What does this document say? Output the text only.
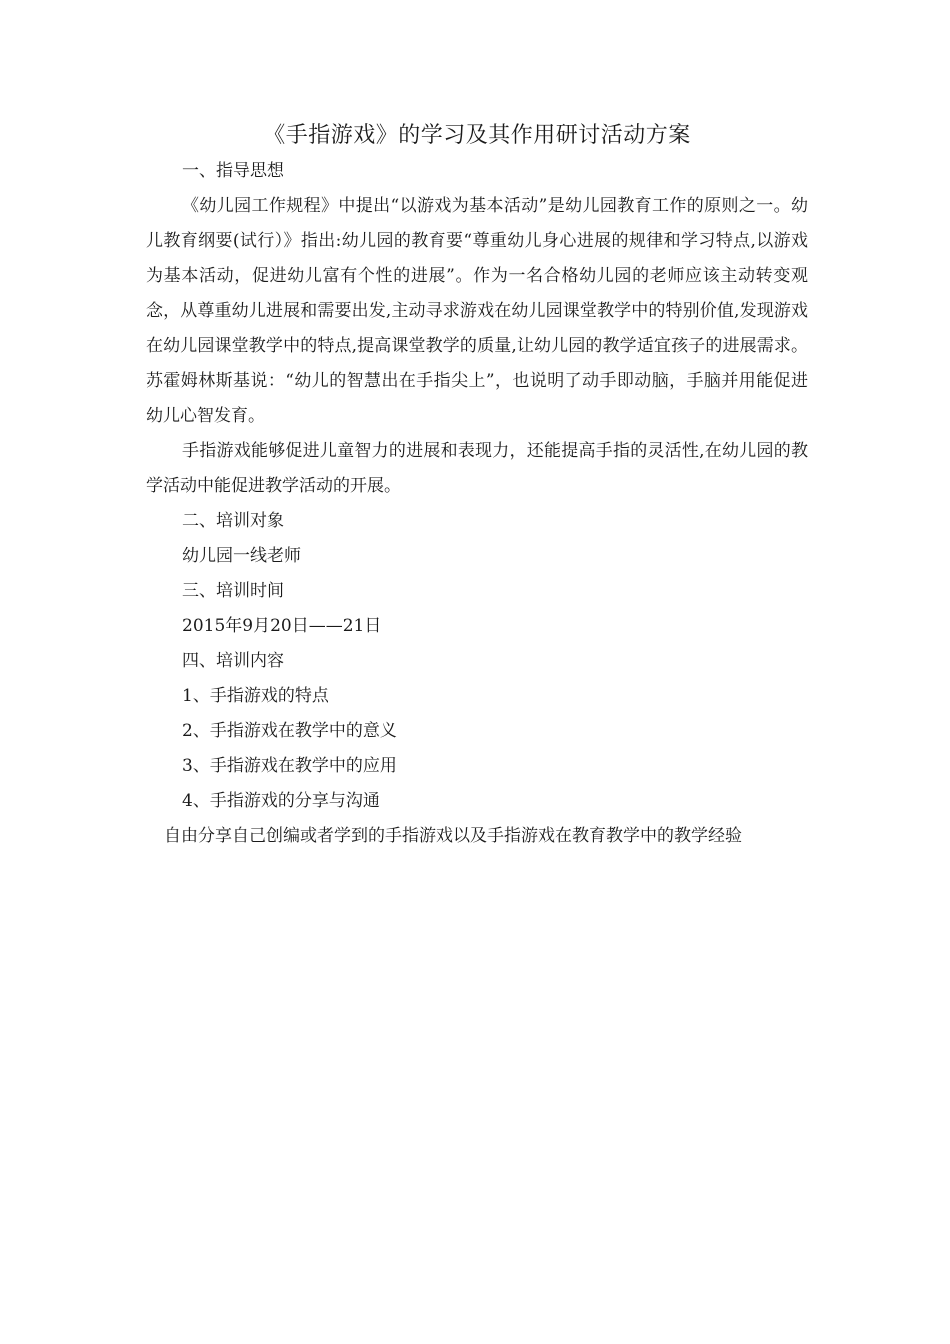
《手指游戏》的学习及其作用研讨活动方案

一、指导思想

《幼儿园工作规程》中提出“以游戏为基本活动”是幼儿园教育工作的原则之一。幼儿教育纲要(试行）》指出:幼儿园的教育要“尊重幼儿身心进展的规律和学习特点,以游戏为基本活动，促进幼儿富有个性的进展”。作为一名合格幼儿园的老师应该主动转变观念，从尊重幼儿进展和需要出发,主动寻求游戏在幼儿园课堂教学中的特别价值,发现游戏在幼儿园课堂教学中的特点,提高课堂教学的质量,让幼儿园的教学适宜孩子的进展需求。苏霍姆林斯基说：“幼儿的智慧出在手指尖上”，也说明了动手即动脑，手脑并用能促进幼儿心智发育。

手指游戏能够促进儿童智力的进展和表现力，还能提高手指的灵活性,在幼儿园的教学活动中能促进教学活动的开展。

二、培训对象

幼儿园一线老师

三、培训时间

2015年9月20日——21日

四、培训内容

1、手指游戏的特点

2、手指游戏在教学中的意义

3、手指游戏在教学中的应用

4、手指游戏的分享与沟通

自由分享自己创编或者学到的手指游戏以及手指游戏在教育教学中的教学经验
